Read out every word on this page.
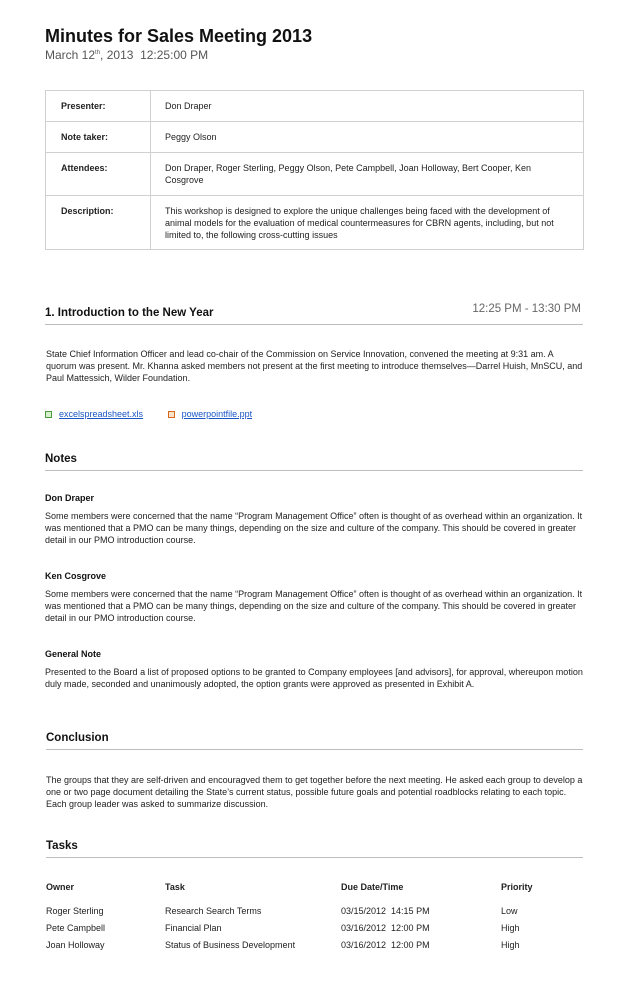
Minutes for Sales Meeting 2013
March 12th, 2013  12:25:00 PM
Presenter:	Don Draper
Note taker:	Peggy Olson
Attendees:	Don Draper, Roger Sterling, Peggy Olson, Pete Campbell, Joan Holloway, Bert Cooper, Ken Cosgrove
Description:	This workshop is designed to explore the unique challenges being faced with the development of animal models for the evaluation of medical countermeasures for CBRN agents, including, but not limited to, the following cross-cutting issues
1. Introduction to the New Year	12:25 PM - 13:30 PM
State Chief Information Officer and lead co-chair of the Commission on Service Innovation, convened the meeting at 9:31 am. A quorum was present. Mr. Khanna asked members not present at the first meeting to introduce themselves—Darrel Huish, MnSCU, and Paul Mattessich, Wilder Foundation.
excelspreadsheet.xls
	powerpointfile.ppt
Notes
Don Draper
Some members were concerned that the name “Program Management Office” often is thought of as overhead within an organization. It was mentioned that a PMO can be many things, depending on the size and culture of the company. This should be covered in greater detail in our PMO introduction course.
Ken Cosgrove
Some members were concerned that the name “Program Management Office” often is thought of as overhead within an organization. It was mentioned that a PMO can be many things, depending on the size and culture of the company. This should be covered in greater detail in our PMO introduction course.
General Note
Presented to the Board a list of proposed options to be granted to Company employees [and advisors], for approval, whereupon motion duly made, seconded and unanimously adopted, the option grants were approved as presented in Exhibit A.
Conclusion
The groups that they are self-driven and encouragved them to get together before the next meeting. He asked each group to develop a one or two page document detailing the State’s current status, possible future goals and potential roadblocks relating to each topic. Each group leader was asked to summarize discussion.
Tasks
Owner	Task	Due Date/Time	Priority
Roger Sterling	Research Search Terms	03/15/2012  14:15 PM	Low
Pete Campbell	Financial Plan	03/16/2012  12:00 PM	High
Joan Holloway	Status of Business Development	03/16/2012  12:00 PM	High
